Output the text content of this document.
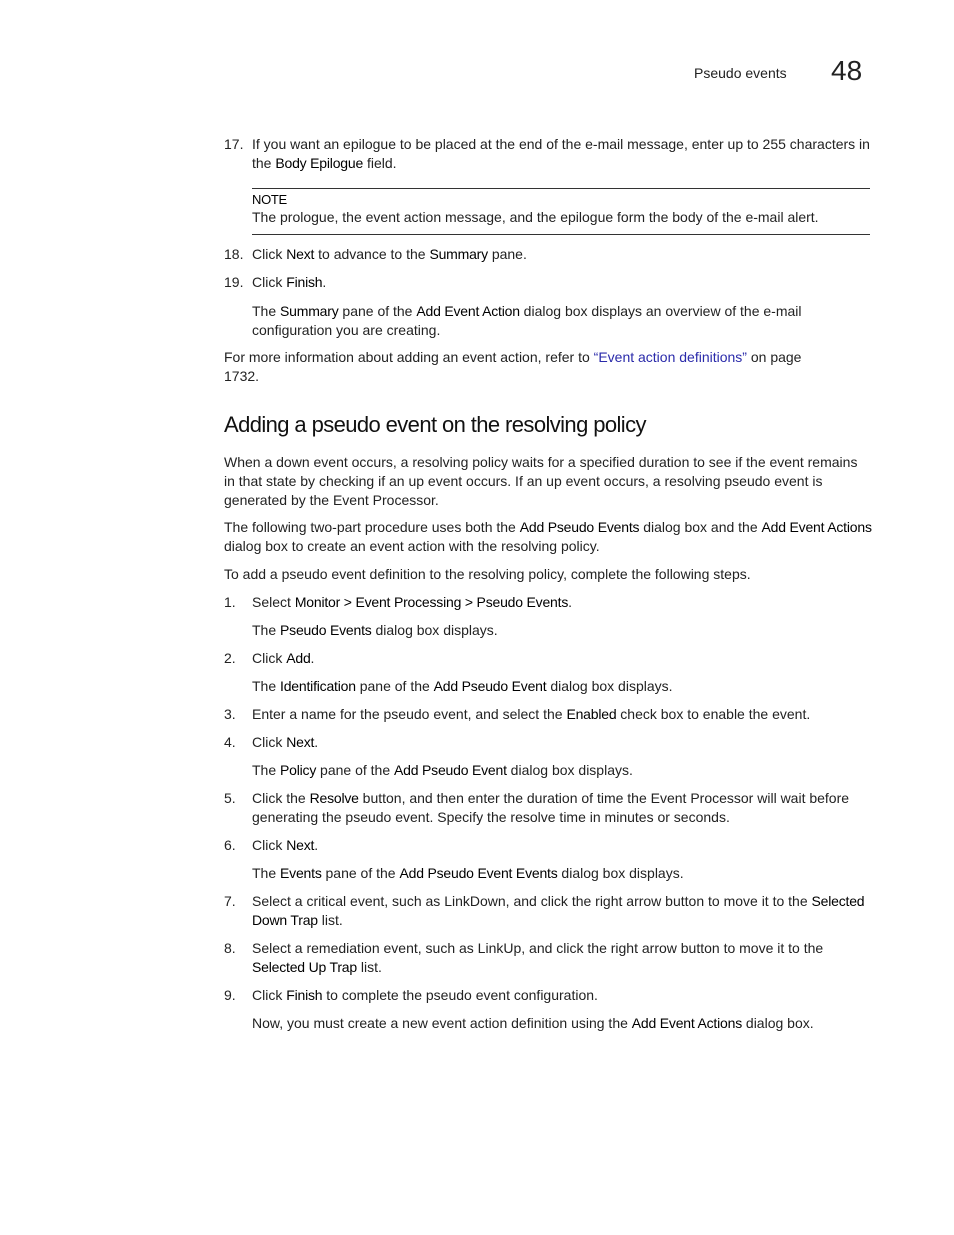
Pseudo events 48
17. If you want an epilogue to be placed at the end of the e-mail message, enter up to 255 characters in the Body Epilogue field.
NOTE
The prologue, the event action message, and the epilogue form the body of the e-mail alert.
18. Click Next to advance to the Summary pane.
19. Click Finish.
The Summary pane of the Add Event Action dialog box displays an overview of the e-mail configuration you are creating.
For more information about adding an event action, refer to “Event action definitions” on page 1732.
Adding a pseudo event on the resolving policy
When a down event occurs, a resolving policy waits for a specified duration to see if the event remains in that state by checking if an up event occurs. If an up event occurs, a resolving pseudo event is generated by the Event Processor.
The following two-part procedure uses both the Add Pseudo Events dialog box and the Add Event Actions dialog box to create an event action with the resolving policy.
To add a pseudo event definition to the resolving policy, complete the following steps.
1. Select Monitor > Event Processing > Pseudo Events.
The Pseudo Events dialog box displays.
2. Click Add.
The Identification pane of the Add Pseudo Event dialog box displays.
3. Enter a name for the pseudo event, and select the Enabled check box to enable the event.
4. Click Next.
The Policy pane of the Add Pseudo Event dialog box displays.
5. Click the Resolve button, and then enter the duration of time the Event Processor will wait before generating the pseudo event. Specify the resolve time in minutes or seconds.
6. Click Next.
The Events pane of the Add Pseudo Event Events dialog box displays.
7. Select a critical event, such as LinkDown, and click the right arrow button to move it to the Selected Down Trap list.
8. Select a remediation event, such as LinkUp, and click the right arrow button to move it to the Selected Up Trap list.
9. Click Finish to complete the pseudo event configuration.
Now, you must create a new event action definition using the Add Event Actions dialog box.
